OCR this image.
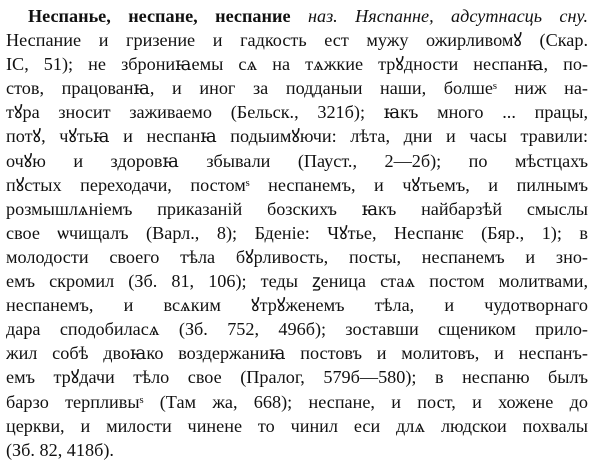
Неспанье, неспане, неспание наз. Няспанне, адсутнасць сну.
Неспание и гризение и гадкость ест мужу ожирливомꙋ (Скар.
ІС, 51); не зброниꙗемы сѧ на тѧжкие трꙋдности неспанꙗ, по-
стов, працованꙗ, и иног за подданыи наши, болшеˢ ниж на-
тꙋра зносит заживаемо (Бельск., 321б); ꙗкъ много ... працы,
потꙋ, чꙋтьꙗ и неспанꙗ подыимꙋючи: лѣта, дни и часы травили:
очꙋю и здоровꙗ збывали (Пауст., 2—2б); по мѣстцахъ
пꙋстых переходачи, постомˢ неспанемъ, и чꙋтьемъ, и пилнымъ
розмышлѧніемъ приказаній бозскихъ ꙗкъ найбарзѣй смыслы
свое ѡчищалъ (Варл., 8); Бденіе: Чꙋтье, Неспанѥ (Бяр., 1); в
молодости своего тѣла бꙋрливость, посты, неспанемъ и зно-
емъ скромил (Зб. 81, 106); теды ꙁеница стаѧ постом молитвами,
неспанемъ, и всѧким ꙋтрꙋженемъ тѣла, и чудотворнаго
дара сподобиласѧ (Зб. 752, 496б); зоставши сщеником прило-
жил собѣ двоꙗко воздержаниꙗ постовъ и молитовъ, и неспанъ-
емъ трꙋдачи тѣло свое (Пралог, 579б—580); в неспаню былъ
барзо терпливыˢ (Там жа, 668); неспане, и пост, и хожене до
церкви, и милости чинене то чинил еси длѧ людскои похвалы
(Зб. 82, 418б).
